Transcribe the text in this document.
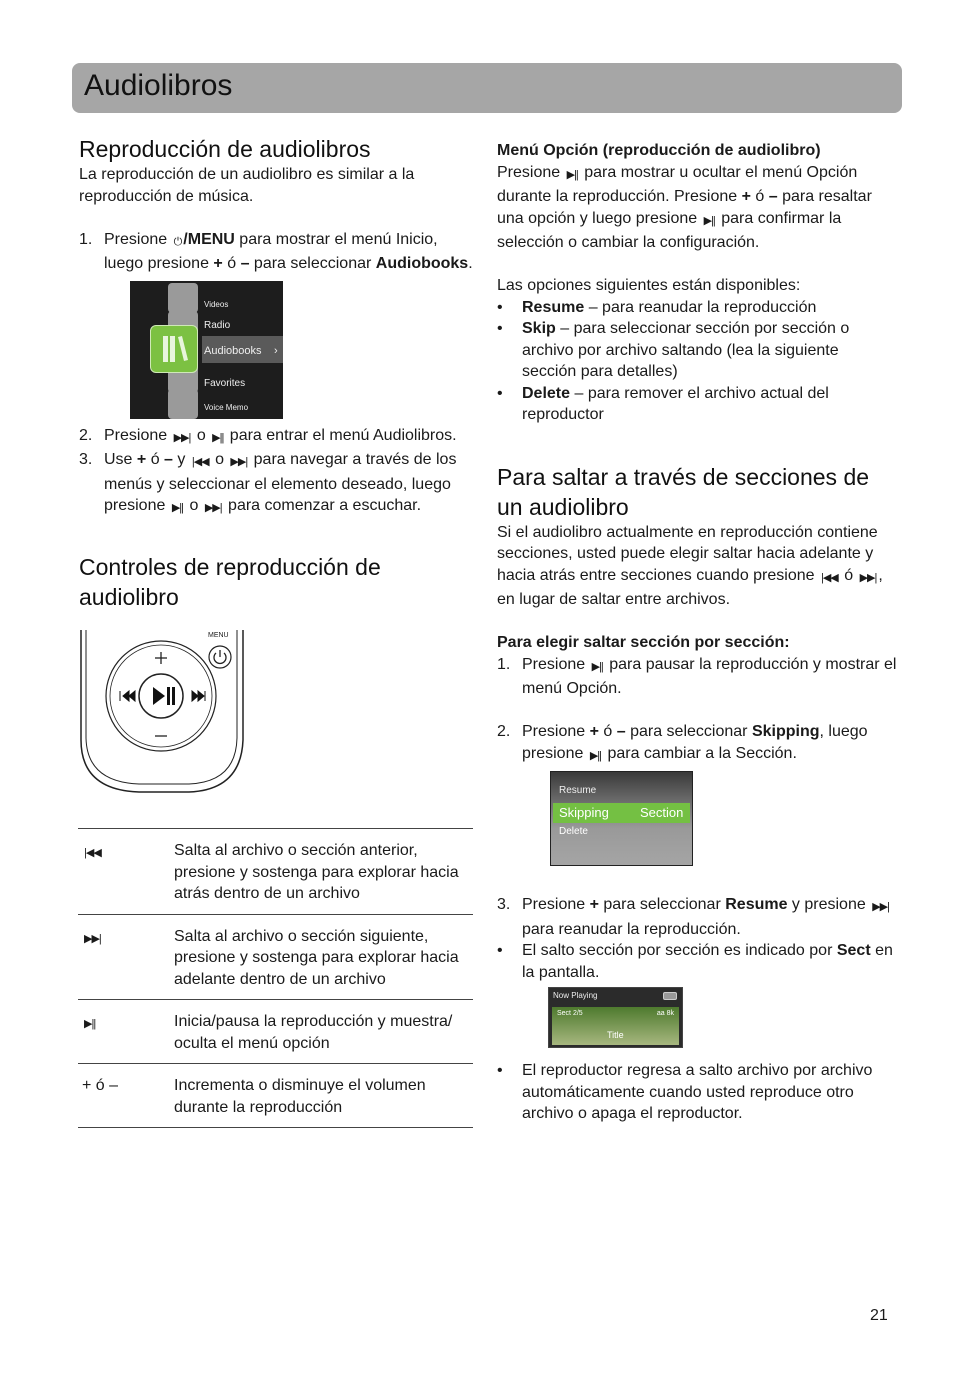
Audiolibros
Reproducción de audiolibros

La reproducción de un audiolibro es similar a la reproducción de música.

1. Presione ⏻ /MENU para mostrar el menú Inicio, luego presione + ó – para seleccionar Audiobooks.
Videos
Radio
Audiobooks ›
Favorites
Voice Memo
2. Presione ▶▶| o ▶|| para entrar el menú Audiolibros.
3. Use + ó – y |◀◀ o ▶▶| para navegar a través de los menús y seleccionar el elemento deseado, luego presione ▶|| o ▶▶| para comenzar a escuchar.
Controles de reproducción de audiolibro
MENU
|◀◀	Salta al archivo o sección anterior, presione y sostenga para explorar hacia atrás dentro de un archivo
▶▶|	Salta al archivo o sección siguiente, presione y sostenga para explorar hacia adelante dentro de un archivo
▶||	Inicia/pausa la reproducción y muestra/ oculta el menú opción
+ ó –	Incrementa o disminuye el volumen durante la reproducción

Menú Opción (reproducción de audiolibro)

Presione ▶|| para mostrar u ocultar el menú Opción durante la reproducción. Presione + ó – para resaltar una opción y luego presione ▶|| para confirmar la selección o cambiar la configuración.

Las opciones siguientes están disponibles:

• Resume – para reanudar la reproducción
• Skip – para seleccionar sección por sección o archivo por archivo saltando (lea la siguiente sección para detalles)
• Delete – para remover el archivo actual del reproductor
Para saltar a través de secciones de un audiolibro

Si el audiolibro actualmente en reproducción contiene secciones, usted puede elegir saltar hacia adelante y hacia atrás entre secciones cuando presione |◀◀ ó ▶▶| , en lugar de saltar entre archivos.

Para elegir saltar sección por sección:

1. Presione ▶|| para pausar la reproducción y mostrar el menú Opción.
2. Presione + ó – para seleccionar Skipping, luego presione ▶|| para cambiar a la Sección.
Resume
Skipping Section
Delete
3. Presione + para seleccionar Resume y presione ▶▶| para reanudar la reproducción.
• El salto sección por sección es indicado por Sect en la pantalla.
Now Playing
Sect 2/5	aa 8k
Title
• El reproductor regresa a salto archivo por archivo automáticamente cuando usted reproduce otro archivo o apaga el reproductor.
21
